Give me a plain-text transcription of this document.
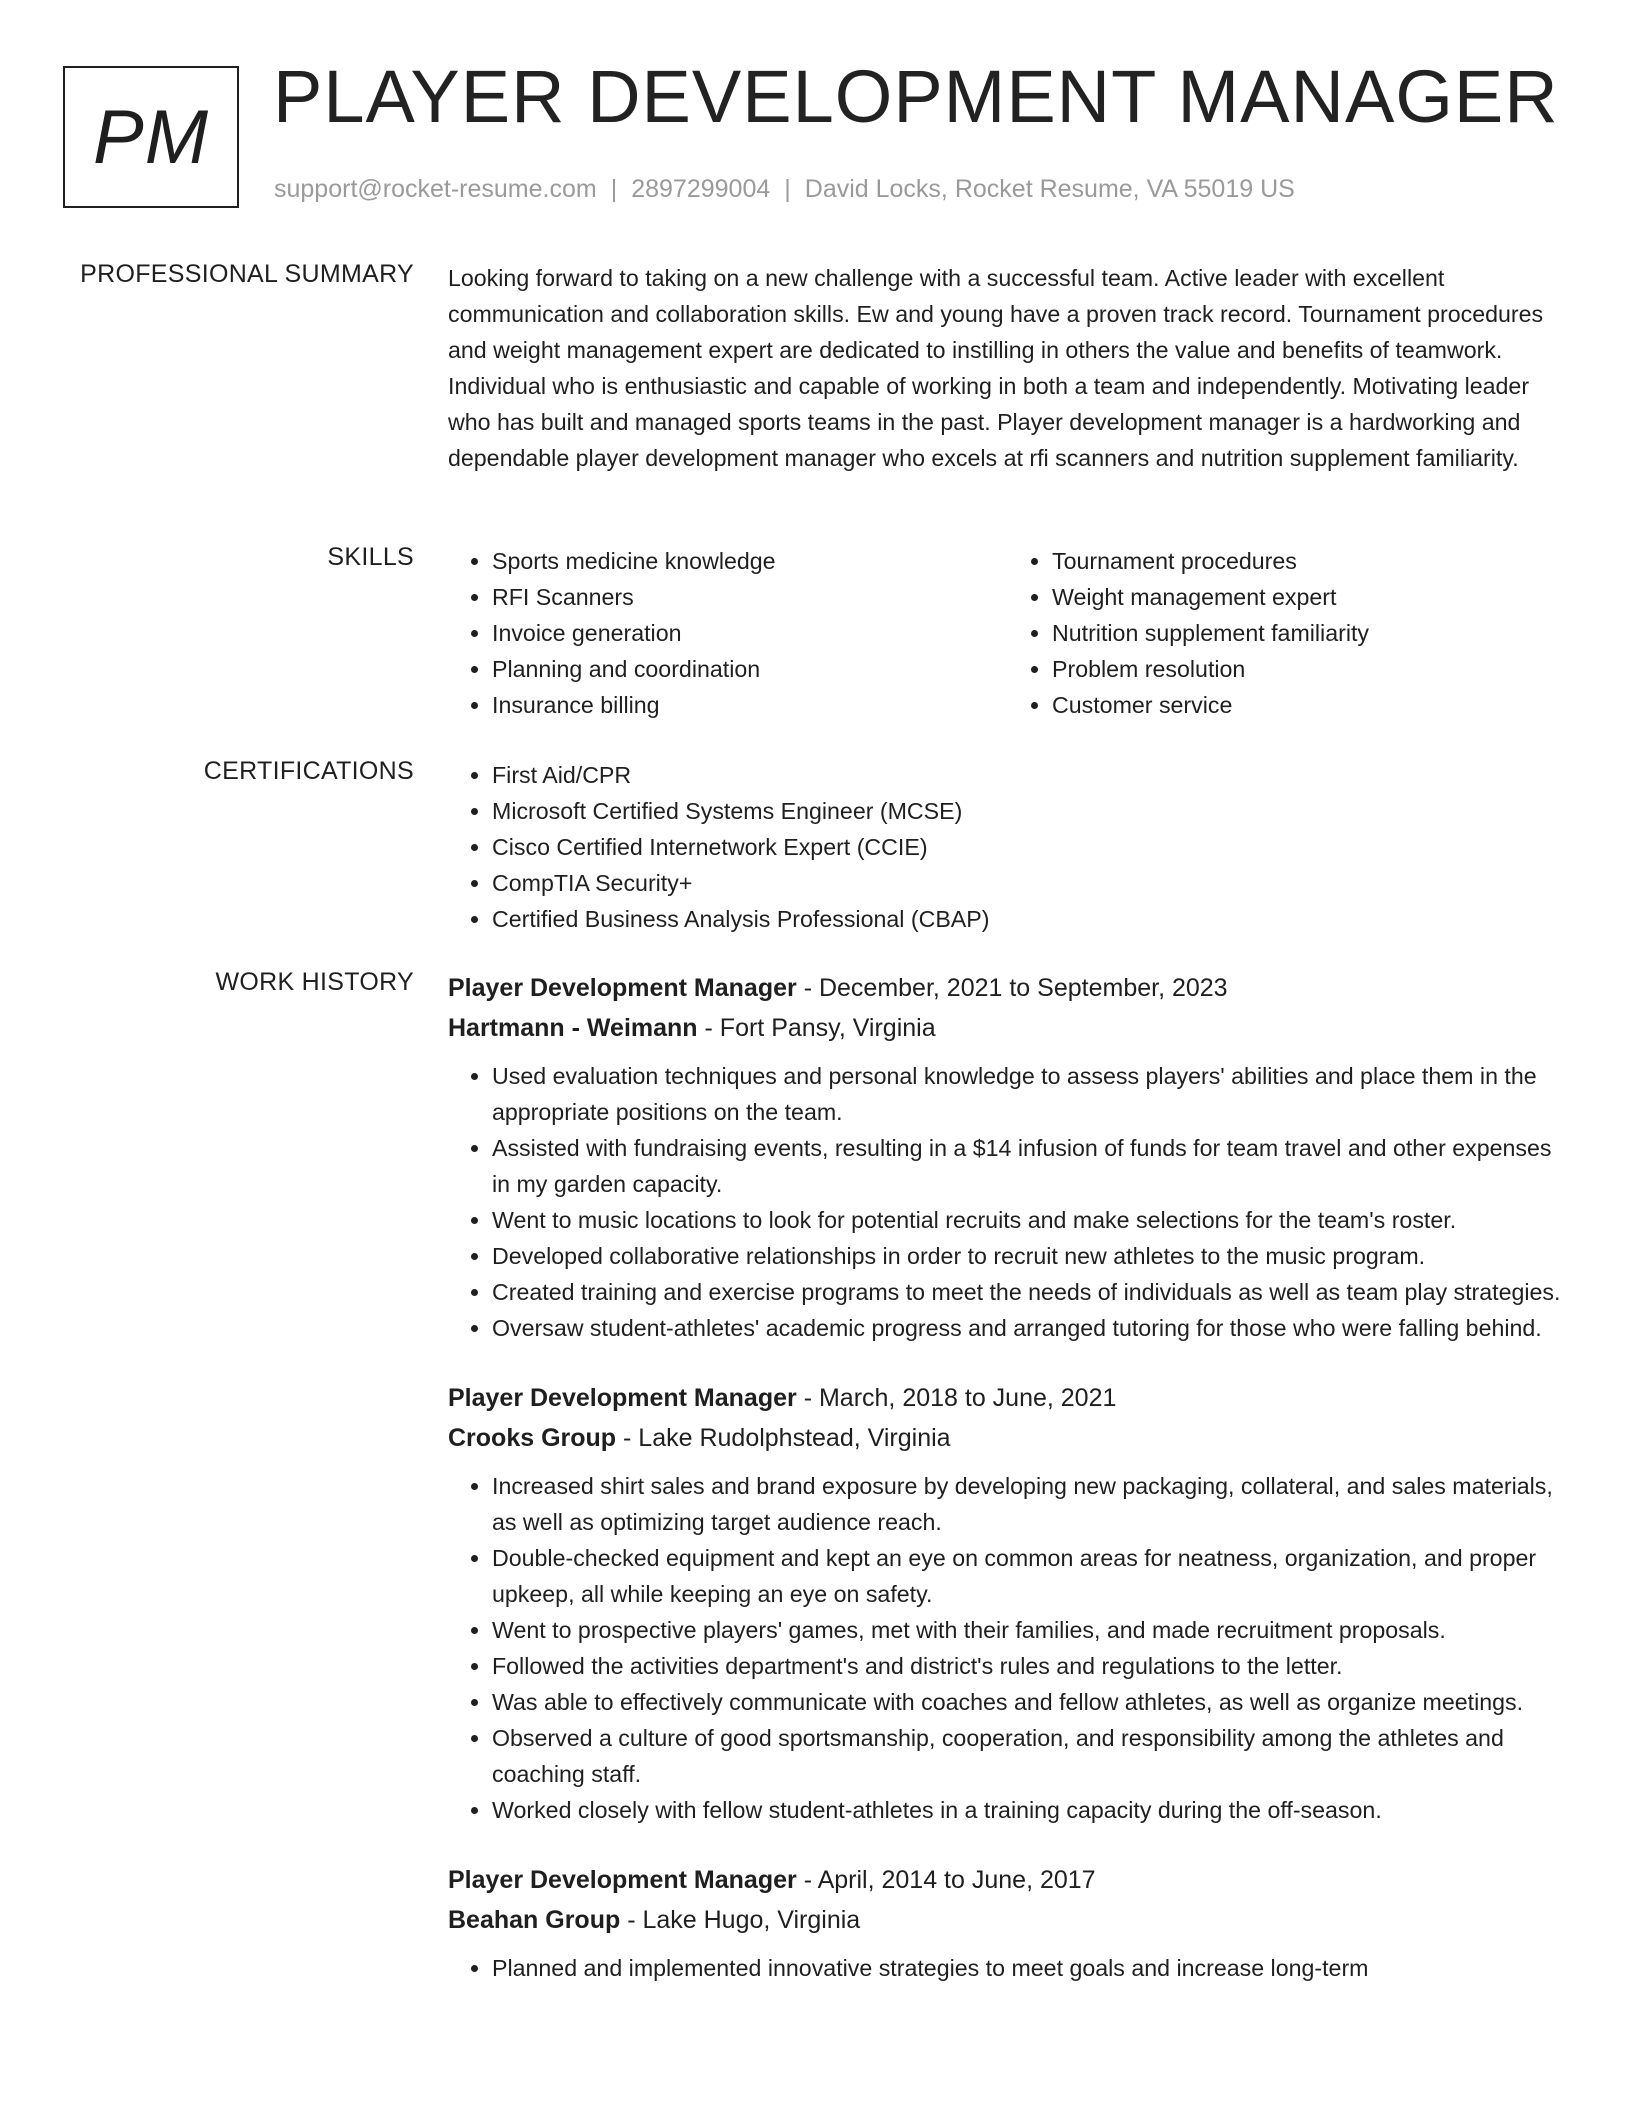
PM PLAYER DEVELOPMENT MANAGER
support@rocket-resume.com | 2897299004 | David Locks, Rocket Resume, VA 55019 US
PROFESSIONAL SUMMARY Looking forward to taking on a new challenge with a successful team. Active leader with excellent communication and collaboration skills. Ew and young have a proven track record. Tournament procedures and weight management expert are dedicated to instilling in others the value and benefits of teamwork. Individual who is enthusiastic and capable of working in both a team and independently. Motivating leader who has built and managed sports teams in the past. Player development manager is a hardworking and dependable player development manager who excels at rfi scanners and nutrition supplement familiarity.

SKILLS	• Sports medicine knowledge
• RFI Scanners
• Invoice generation
• Planning and coordination
• Insurance billing
• Tournament procedures
• Weight management expert
• Nutrition supplement familiarity
• Problem resolution
• Customer service
CERTIFICATIONS	• First Aid/CPR
• Microsoft Certified Systems Engineer (MCSE)
• Cisco Certified Internetwork Expert (CCIE)
• CompTIA Security+
• Certified Business Analysis Professional (CBAP)
WORK HISTORY Player Development Manager - December, 2021 to September, 2023
Hartmann - Weimann - Fort Pansy, Virginia
• Used evaluation techniques and personal knowledge to assess players' abilities and place them in the appropriate positions on the team.
• Assisted with fundraising events, resulting in a $14 infusion of funds for team travel and other expenses in my garden capacity.
• Went to music locations to look for potential recruits and make selections for the team's roster.
• Developed collaborative relationships in order to recruit new athletes to the music program.
• Created training and exercise programs to meet the needs of individuals as well as team play strategies.
• Oversaw student-athletes' academic progress and arranged tutoring for those who were falling behind.
Player Development Manager - March, 2018 to June, 2021
Crooks Group - Lake Rudolphstead, Virginia
• Increased shirt sales and brand exposure by developing new packaging, collateral, and sales materials, as well as optimizing target audience reach.
• Double-checked equipment and kept an eye on common areas for neatness, organization, and proper upkeep, all while keeping an eye on safety.
• Went to prospective players' games, met with their families, and made recruitment proposals.
• Followed the activities department's and district's rules and regulations to the letter.
• Was able to effectively communicate with coaches and fellow athletes, as well as organize meetings.
• Observed a culture of good sportsmanship, cooperation, and responsibility among the athletes and coaching staff.
• Worked closely with fellow student-athletes in a training capacity during the off-season.
Player Development Manager - April, 2014 to June, 2017
Beahan Group - Lake Hugo, Virginia
• Planned and implemented innovative strategies to meet goals and increase long-term
